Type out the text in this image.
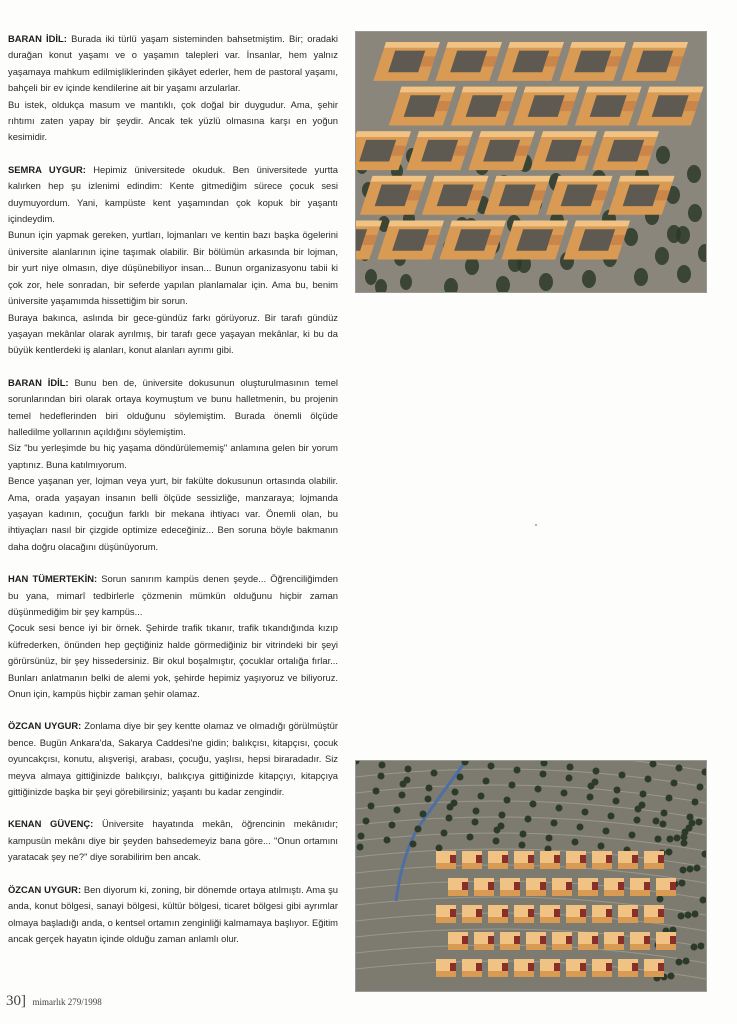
BARAN İDİL: Burada iki türlü yaşam sisteminden bahsetmiştim. Bir; oradaki durağan konut yaşamı ve o yaşamın talepleri var. İnsanlar, hem yalnız yaşamaya mahkum edilmişliklerinden şikâyet ederler, hem de pastoral yaşamı, bahçeli bir ev içinde kendilerine ait bir yaşamı arzularlar.

Bu istek, oldukça masum ve mantıklı, çok doğal bir duygudur. Ama, şehir rıhtımı zaten yapay bir şeydir. Ancak tek yüzlü olmasına karşı en yoğun kesimidir.

SEMRA UYGUR: Hepimiz üniversitede okuduk. Ben üniversitede yurtta kalırken hep şu izlenimi edindim: Kente gitmediğim sürece çocuk sesi duymuyordum. Yani, kampüste kent yaşamından çok kopuk bir yaşantı içindeydim.

Bunun için yapmak gereken, yurtları, lojmanları ve kentin bazı başka ögelerini üniversite alanlarının içine taşımak olabilir. Bir bölümün arkasında bir lojman, bir yurt niye olmasın, diye düşünebiliyor insan... Bunun organizasyonu tabii ki çok zor, hele sonradan, bir seferde yapılan planlamalar için. Ama bu, benim üniversite yaşamımda hissettiğim bir sorun.

Buraya bakınca, aslında bir gece-gündüz farkı görüyoruz. Bir tarafı gündüz yaşayan mekânlar olarak ayrılmış, bir tarafı gece yaşayan mekânlar, ki bu da büyük kentlerdeki iş alanları, konut alanları ayrımı gibi.

BARAN İDİL: Bunu ben de, üniversite dokusunun oluşturulmasının temel sorunlarından biri olarak ortaya koymuştum ve bunu halletmenin, bu projenin temel hedeflerinden biri olduğunu söylemiştim. Burada önemli ölçüde halledilme yollarının açıldığını söylemiştim.

Siz "bu yerleşimde bu hiç yaşama döndürülememiş" anlamına gelen bir yorum yaptınız. Buna katılmıyorum.

Bence yaşanan yer, lojman veya yurt, bir fakülte dokusunun ortasında olabilir. Ama, orada yaşayan insanın belli ölçüde sessizliğe, manzaraya; lojmanda yaşayan kadının, çocuğun farklı bir mekana ihtiyacı var. Önemli olan, bu ihtiyaçları nasıl bir çizgide optimize edeceğiniz... Ben soruna böyle bakmanın daha doğru olacağını düşünüyorum.

HAN TÜMERTEKİN: Sorun sanırım kampüs denen şeyde... Öğrenciliğimden bu yana, mimarî tedbirlerle çözmenin mümkün olduğunu hiçbir zaman düşünmediğim bir şey kampüs...

Çocuk sesi bence iyi bir örnek. Şehirde trafik tıkanır, trafik tıkandığında kızıp küfrederken, önünden hep geçtiğiniz halde görmediğiniz bir vitrindeki bir şeyi görürsünüz, bir şey hissedersiniz. Bir okul boşalmıştır, çocuklar ortalığa fırlar... Bunları anlatmanın belki de alemi yok, şehirde hepimiz yaşıyoruz ve biliyoruz. Onun için, kampüs hiçbir zaman şehir olamaz.

ÖZCAN UYGUR: Zonlama diye bir şey kentte olamaz ve olmadığı görülmüştür bence. Bugün Ankara'da, Sakarya Caddesi'ne gidin; balıkçısı, kitapçısı, çocuk oyuncakçısı, konutu, alışverişi, arabası, çocuğu, yaşlısı, hepsi biraradadır. Siz meyva almaya gittiğinizde balıkçıyı, balıkçıya gittiğinizde kitapçıyı, kitapçıya gittiğinizde başka bir şeyi görebilirsiniz; yaşantı bu kadar zengindir.

KENAN GÜVENÇ: Üniversite hayatında mekân, öğrencinin mekânıdır; kampusün mekânı diye bir şeyden bahsedemeyiz bana göre... "Onun ortamını yaratacak şey ne?" diye sorabilirim ben ancak.

ÖZCAN UYGUR: Ben diyorum ki, zoning, bir dönemde ortaya atılmıştı. Ama şu anda, konut bölgesi, sanayi bölgesi, kültür bölgesi, ticaret bölgesi gibi ayrımlar olmaya başladığı anda, o kentsel ortamın zenginliği kalmamaya başlıyor. Eğitim ancak gerçek hayatın içinde olduğu zaman anlamlı olur.

30] mimarlık 279/1998
